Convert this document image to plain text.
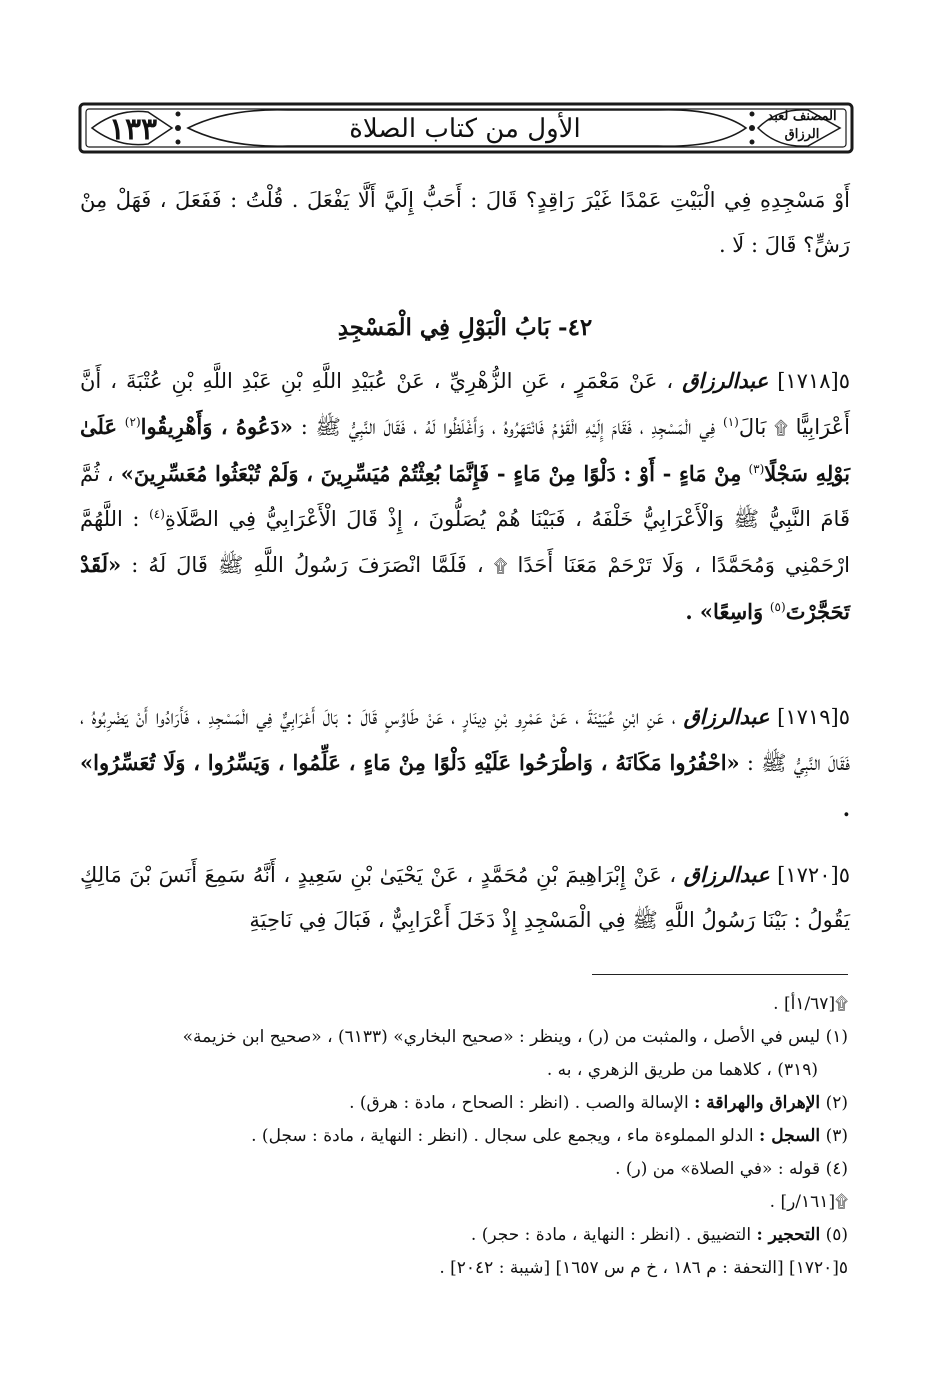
١٣٣	الأول من كتاب الصلاة	المصنف لعبد الرزاق

أَوْ مَسْجِدِهِ فِي الْبَيْتِ عَمْدًا غَيْرَ رَاقِدٍ؟ قَالَ : أَحَبُّ إِلَيَّ أَلَّا يَفْعَلَ . قُلْتُ : فَفَعَلَ ، فَهَلْ مِنْ رَشٍّ؟ قَالَ : لَا .

٤٢- بَابُ الْبَوْلِ فِي الْمَسْجِدِ

٥[١٧١٨] عبدالرزاق ، عَنْ مَعْمَرٍ ، عَنِ الزُّهْرِيِّ ، عَنْ عُبَيْدِ اللَّهِ بْنِ عَبْدِ اللَّهِ بْنِ عُتْبَةَ ، أَنَّ أَعْرَابِيًّا ۩ بَالَ$^{(١)}$ فِي الْمَسْجِدِ ، فَقَامَ إِلَيْهِ الْقَوْمُ فَانْتَهَرُوهُ ، وَأَغْلَظُوا لَهُ ، فَقَالَ النَّبِيُّ ﷺ : «دَعُوهُ ، وَأَهْرِيقُوا$^{(٢)}$ عَلَىٰ بَوْلِهِ سَجْلًا$^{(٣)}$ مِنْ مَاءٍ - أَوْ : دَلْوًا مِنْ مَاءٍ - فَإِنَّمَا بُعِثْتُمْ مُيَسِّرِينَ ، وَلَمْ تُبْعَثُوا مُعَسِّرِينَ» ، ثُمَّ قَامَ النَّبِيُّ ﷺ وَالْأَعْرَابِيُّ خَلْفَهُ ، فَبَيْنَا هُمْ يُصَلُّونَ ، إِذْ قَالَ الْأَعْرَابِيُّ فِي الصَّلَاةِ$^{(٤)}$ : اللَّهُمَّ ارْحَمْنِي وَمُحَمَّدًا ، وَلَا تَرْحَمْ مَعَنَا أَحَدًا ۩ ، فَلَمَّا انْصَرَفَ رَسُولُ اللَّهِ ﷺ قَالَ لَهُ : «لَقَدْ تَحَجَّرْتَ$^{(٥)}$ وَاسِعًا» .

٥[١٧١٩] عبدالرزاق ، عَنِ ابْنِ عُيَيْنَةَ ، عَنْ عَمْرِو بْنِ دِينَارٍ ، عَنْ طَاوُسٍ قَالَ : بَالَ أَعْرَابِيٌّ فِي الْمَسْجِدِ ، فَأَرَادُوا أَنْ يَضْرِبُوهُ ، فَقَالَ النَّبِيُّ ﷺ : «احْفُرُوا مَكَانَهُ ، وَاطْرَحُوا عَلَيْهِ دَلْوًا مِنْ مَاءٍ ، عَلِّمُوا ، وَيَسِّرُوا ، وَلَا تُعَسِّرُوا» .

٥[١٧٢٠] عبدالرزاق ، عَنْ إِبْرَاهِيمَ بْنِ مُحَمَّدٍ ، عَنْ يَحْيَىٰ بْنِ سَعِيدٍ ، أَنَّهُ سَمِعَ أَنَسَ بْنَ مَالِكٍ يَقُولُ : بَيْنَا رَسُولُ اللَّهِ ﷺ فِي الْمَسْجِدِ إِذْ دَخَلَ أَعْرَابِيٌّ ، فَبَالَ فِي نَاحِيَةِ

۩[١/٦٧أ] .
(١) ليس في الأصل ، والمثبت من (ر) ، وينظر : «صحيح البخاري» (٦١٣٣) ، «صحيح ابن خزيمة»
(٣١٩) ، كلاهما من طريق الزهري ، به .
(٢) الإهراق والهراقة : الإسالة والصب . (انظر : الصحاح ، مادة : هرق) .
(٣) السجل : الدلو المملوءة ماء ، ويجمع على سجال . (انظر : النهاية ، مادة : سجل) .
(٤) قوله : «في الصلاة» من (ر) .
۩[١٦١/ر] .
(٥) التحجير : التضييق . (انظر : النهاية ، مادة : حجر) .
٥[١٧٢٠] [التحفة : م ١٨٦ ، خ م س ١٦٥٧] [شيبة : ٢٠٤٢] .
